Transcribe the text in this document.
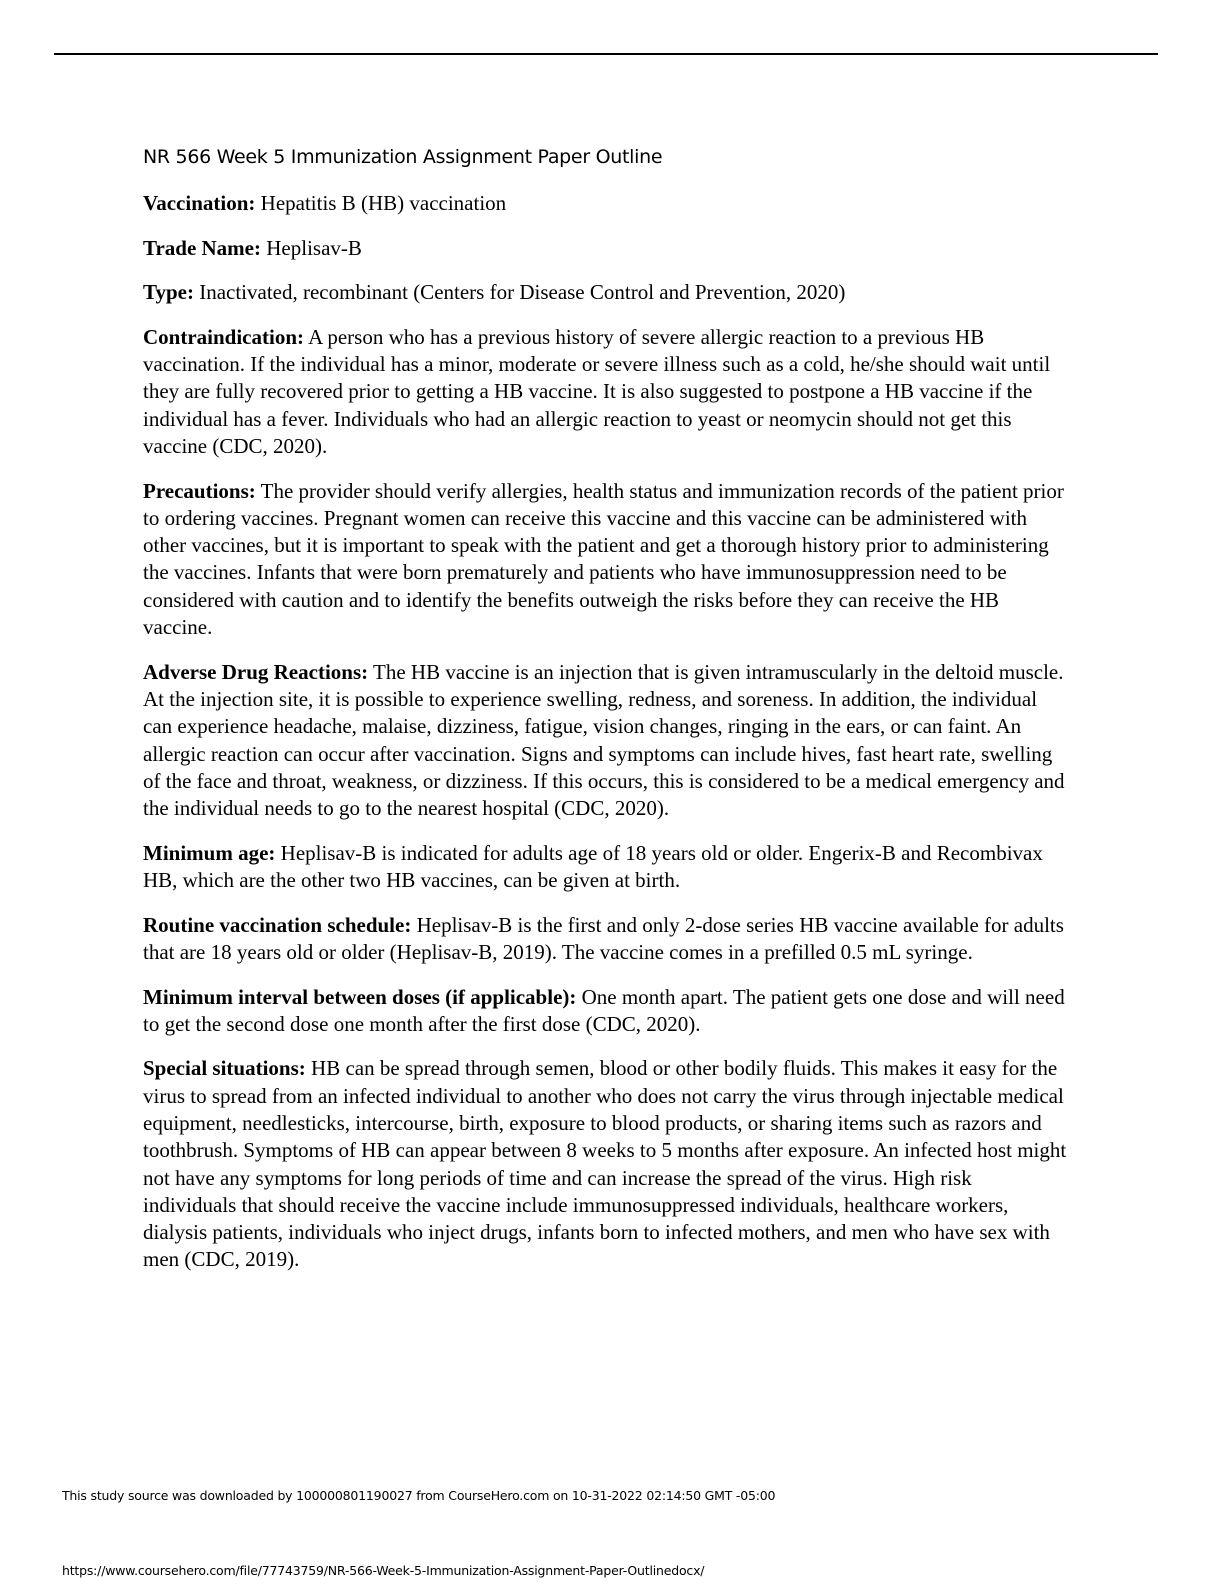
NR 566 Week 5 Immunization Assignment Paper Outline

Vaccination: Hepatitis B (HB) vaccination

Trade Name: Heplisav-B

Type: Inactivated, recombinant (Centers for Disease Control and Prevention, 2020)

Contraindication: A person who has a previous history of severe allergic reaction to a previous HB vaccination. If the individual has a minor, moderate or severe illness such as a cold, he/she should wait until they are fully recovered prior to getting a HB vaccine. It is also suggested to postpone a HB vaccine if the individual has a fever. Individuals who had an allergic reaction to yeast or neomycin should not get this vaccine (CDC, 2020).

Precautions: The provider should verify allergies, health status and immunization records of the patient prior to ordering vaccines. Pregnant women can receive this vaccine and this vaccine can be administered with other vaccines, but it is important to speak with the patient and get a thorough history prior to administering the vaccines. Infants that were born prematurely and patients who have immunosuppression need to be considered with caution and to identify the benefits outweigh the risks before they can receive the HB vaccine.

Adverse Drug Reactions: The HB vaccine is an injection that is given intramuscularly in the deltoid muscle. At the injection site, it is possible to experience swelling, redness, and soreness. In addition, the individual can experience headache, malaise, dizziness, fatigue, vision changes, ringing in the ears, or can faint. An allergic reaction can occur after vaccination. Signs and symptoms can include hives, fast heart rate, swelling of the face and throat, weakness, or dizziness. If this occurs, this is considered to be a medical emergency and the individual needs to go to the nearest hospital (CDC, 2020).

Minimum age: Heplisav-B is indicated for adults age of 18 years old or older. Engerix-B and Recombivax HB, which are the other two HB vaccines, can be given at birth.

Routine vaccination schedule: Heplisav-B is the first and only 2-dose series HB vaccine available for adults that are 18 years old or older (Heplisav-B, 2019). The vaccine comes in a prefilled 0.5 mL syringe.

Minimum interval between doses (if applicable): One month apart. The patient gets one dose and will need to get the second dose one month after the first dose (CDC, 2020).

Special situations: HB can be spread through semen, blood or other bodily fluids. This makes it easy for the virus to spread from an infected individual to another who does not carry the virus through injectable medical equipment, needlesticks, intercourse, birth, exposure to blood products, or sharing items such as razors and toothbrush. Symptoms of HB can appear between 8 weeks to 5 months after exposure. An infected host might not have any symptoms for long periods of time and can increase the spread of the virus. High risk individuals that should receive the vaccine include immunosuppressed individuals, healthcare workers, dialysis patients, individuals who inject drugs, infants born to infected mothers, and men who have sex with men (CDC, 2019).

This study source was downloaded by 100000801190027 from CourseHero.com on 10-31-2022 02:14:50 GMT -05:00
https://www.coursehero.com/file/77743759/NR-566-Week-5-Immunization-Assignment-Paper-Outlinedocx/
